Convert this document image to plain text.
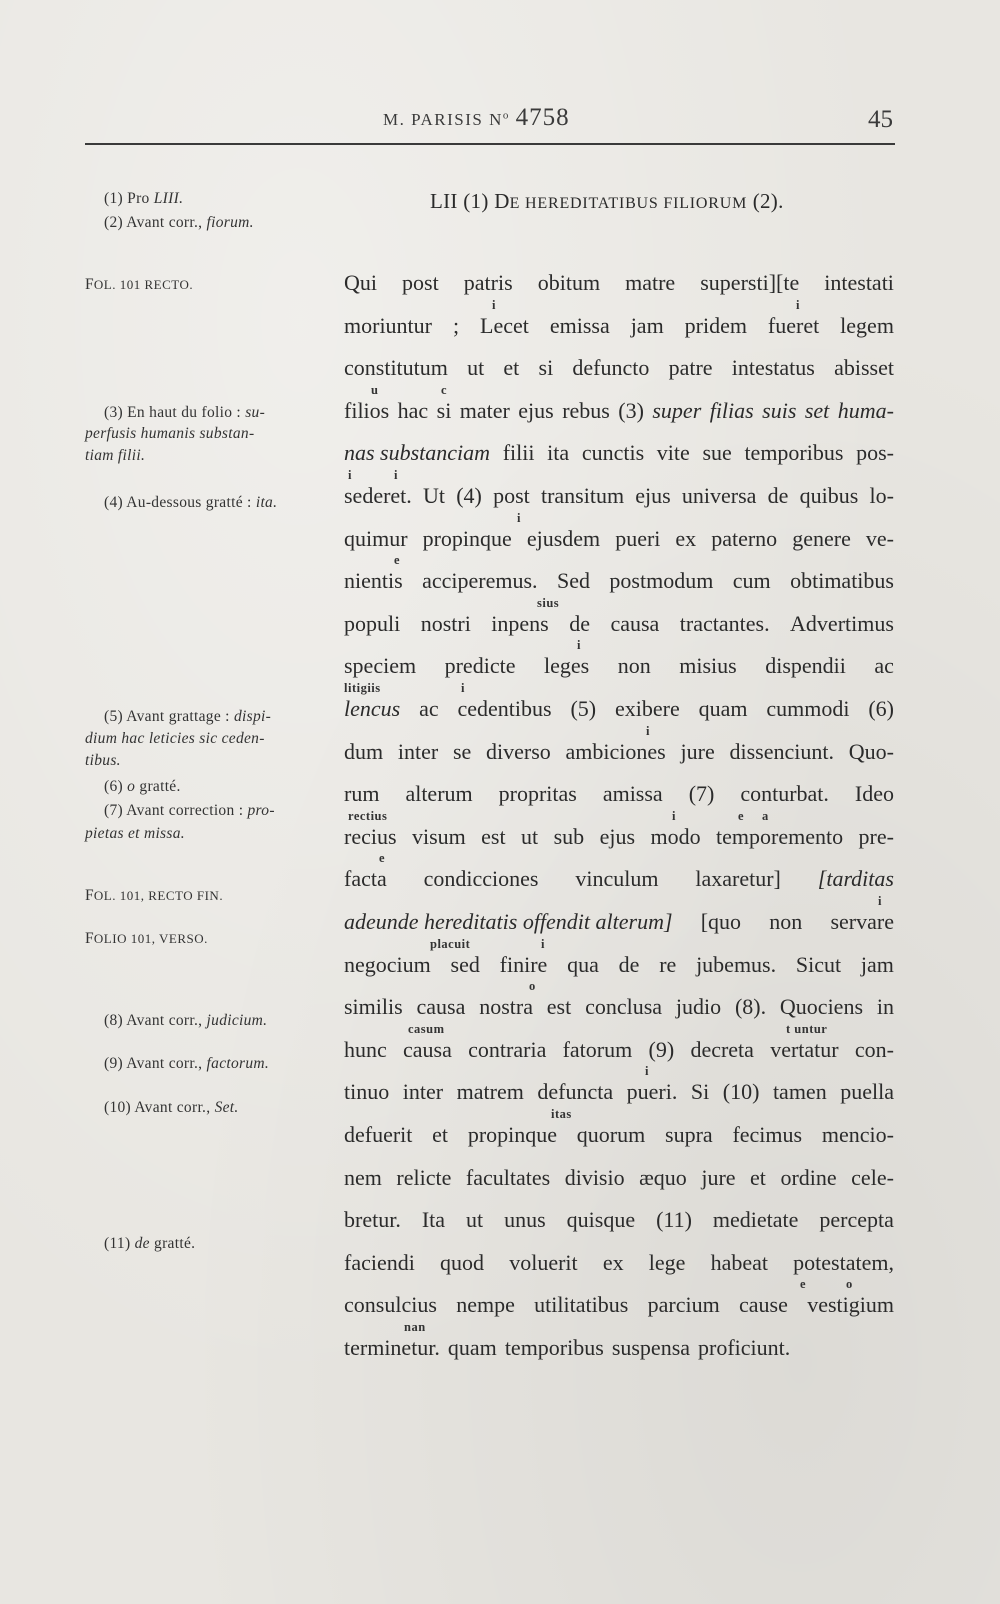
M. PARISIS $N^o$ 4758	45
LII (1) DE HEREDITATIBUS FILIORUM (2).
(1) Pro LIII.
(2) Avant corr., fiorum.
FOL. 101 RECTO.
(3) En haut du folio : su-
perfusis humanis substan-
tiam filii.
(4) Au-dessous gratté : ita.
(5) Avant grattage : dispi-
dium hac leticies sic ceden-
tibus.
(6) o gratté.
(7) Avant correction : pro-
pietas et missa.
FOL. 101, RECTO FIN.
FOLIO 101, VERSO.
(8) Avant corr., judicium.
(9) Avant corr., factorum.
(10) Avant corr., Set.
(11) de gratté.
Qui post patris obitum matre supersti][te intestati
moriuntur ; Lecet emissa jam pridem fueret legem
constitutum ut et si defuncto patre intestatus abisset
filios hac si mater ejus rebus (3) super filias suis set huma-
nas substanciam filii ita cunctis vite sue temporibus pos-
sederet. Ut (4) post transitum ejus universa de quibus lo-
quimur propinque ejusdem pueri ex paterno genere ve-
nientis acciperemus. Sed postmodum cum obtimatibus
populi nostri inpens de causa tractantes. Advertimus
speciem predicte leges non misius dispendii ac
lencus ac cedentibus (5) exibere quam cummodi (6)
dum inter se diverso ambiciones jure dissenciunt. Quo-
rum alterum propritas amissa (7) conturbat. Ideo
recius visum est ut sub ejus modo temporemento pre-
facta condicciones vinculum laxaretur] [tarditas
adeunde hereditatis offendit alterum] [quo non servare
negocium sed finire qua de re jubemus. Sicut jam
similis causa nostra est conclusa judio (8). Quociens in
hunc causa contraria fatorum (9) decreta vertatur con-
tinuo inter matrem defuncta pueri. Si (10) tamen puella
defuerit et propinque quorum supra fecimus mencio-
nem relicte facultates divisio æquo jure et ordine cele-
bretur. Ita ut unus quisque (11) medietate percepta
faciendi quod voluerit ex lege habeat potestatem,
consulcius nempe utilitatibus parcium cause vestigium
terminetur. quam temporibus suspensa proficiunt.
i	i
u	c
i	i
i
e
sius
i
litigiis	i
i
rectius	i	e a
e
i
placuit	i
o
casum	t untur
i
itas
e	o
nan
